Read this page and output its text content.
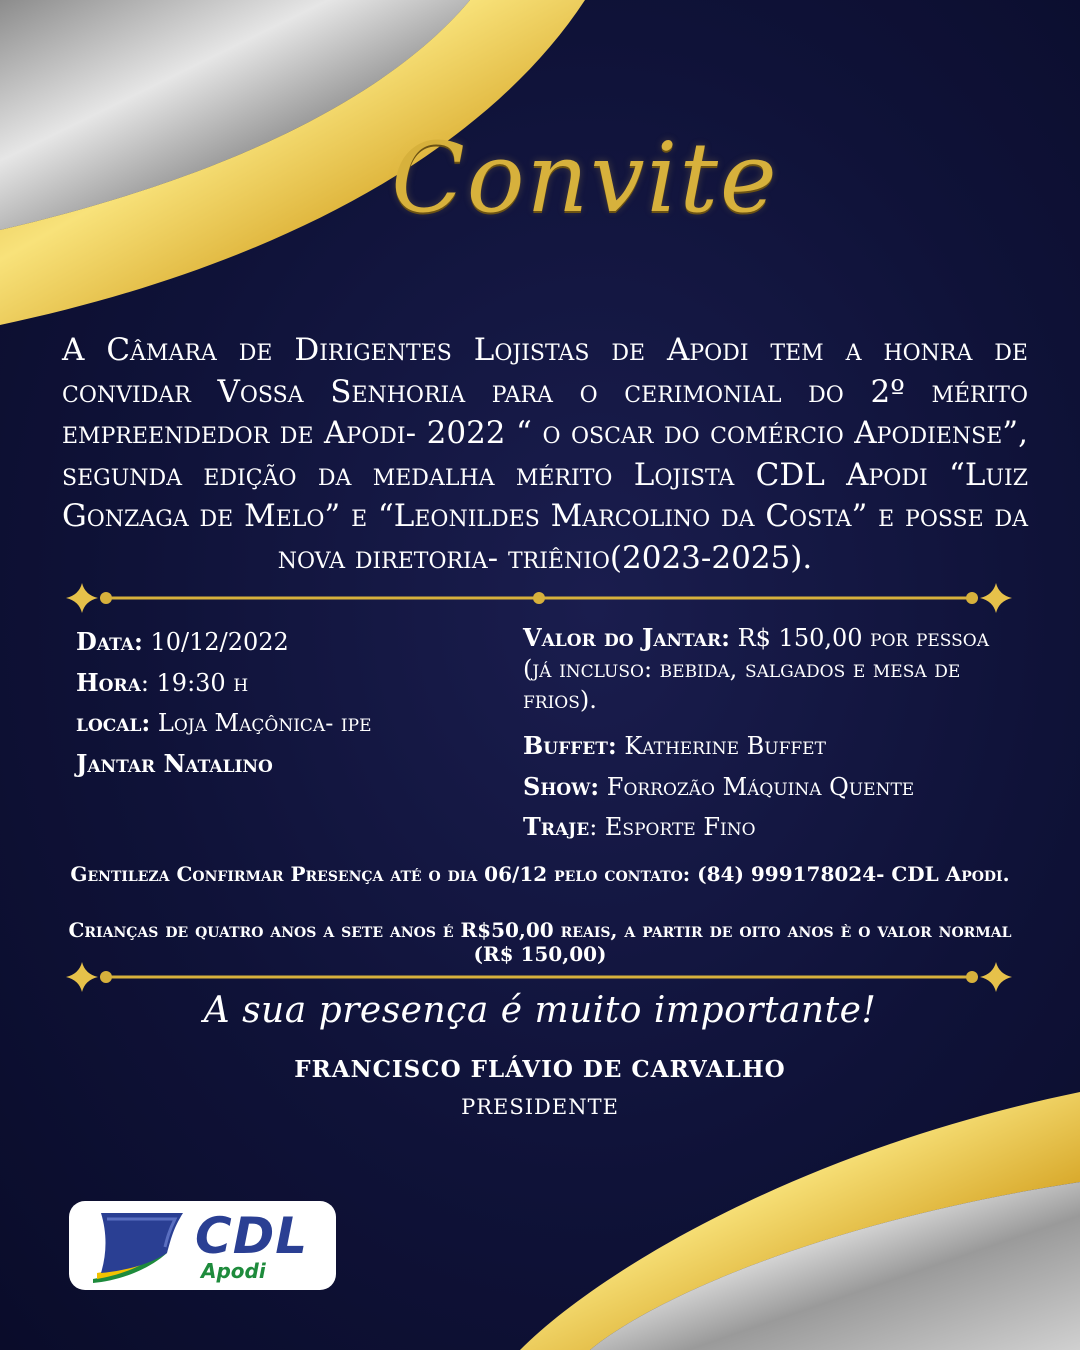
Convite
A Câmara de Dirigentes Lojistas de Apodi tem a honra de convidar Vossa Senhoria para o cerimonial do 2º mérito empreendedor de Apodi- 2022 “ o oscar do comércio Apodiense”, segunda edição da medalha mérito Lojista CDL Apodi “Luiz Gonzaga de Melo” e “Leonildes Marcolino da Costa” e posse da nova diretoria- triênio(2023-2025).
Data: 10/12/2022
Hora: 19:30 h
local: Loja Maçônica- ipe
Jantar Natalino
Valor do Jantar: R$ 150,00 por pessoa (já incluso: bebida, salgados e mesa de frios).
Buffet: Katherine Buffet
Show: Forrozão Máquina Quente
Traje: Esporte Fino
Gentileza Confirmar Presença até o dia 06/12 pelo contato: (84) 999178024- CDL Apodi.
Crianças de quatro anos a sete anos é R$50,00 reais, a partir de oito anos è o valor normal (R$ 150,00)
A sua presença é muito importante!
FRANCISCO FLÁVIO DE CARVALHO
PRESIDENTE
CDL
Apodi
